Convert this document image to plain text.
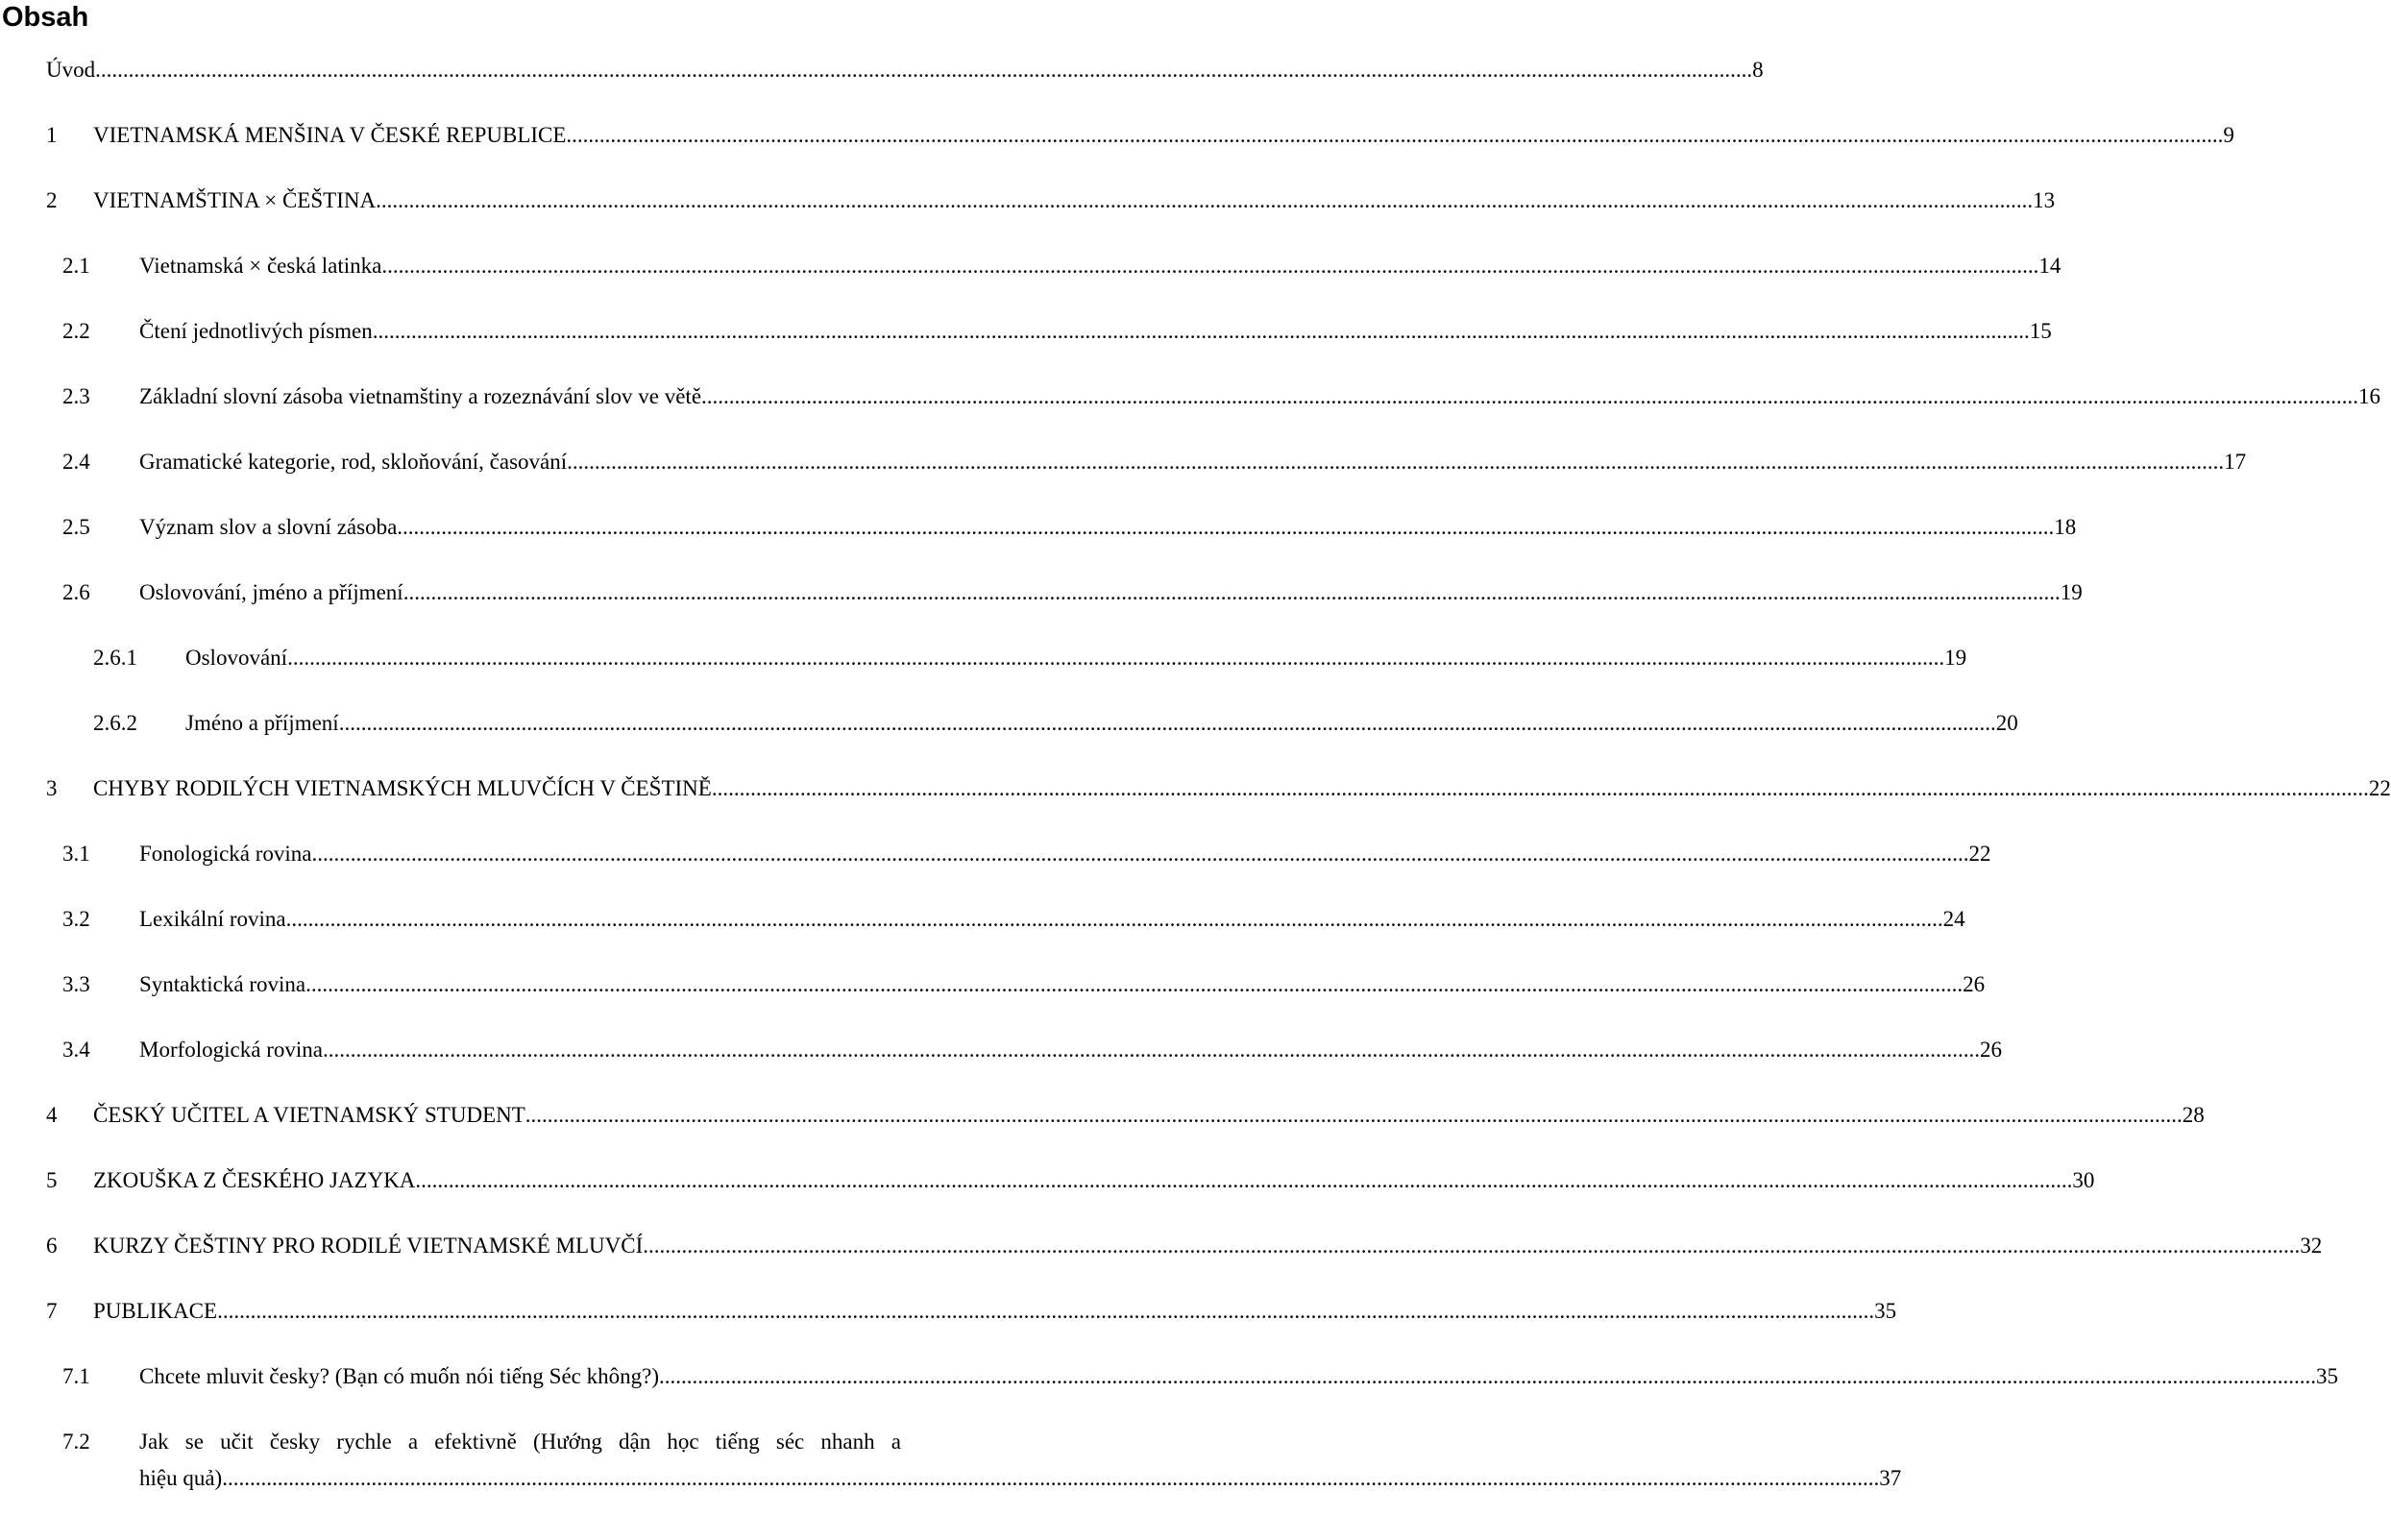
Obsah
Úvod ............................................................................................................................................................................................................................................................................................................ 8
1 VIETNAMSKÁ MENŠINA V ČESKÉ REPUBLICE ............................................................................................................................................................................................................................................................................................................ 9
2 VIETNAMŠTINA × ČEŠTINA ............................................................................................................................................................................................................................................................................................................ 13
2.1 Vietnamská × česká latinka ............................................................................................................................................................................................................................................................................................................ 14
2.2 Čtení jednotlivých písmen ............................................................................................................................................................................................................................................................................................................ 15
2.3 Základní slovní zásoba vietnamštiny a rozeznávání slov ve větě ............................................................................................................................................................................................................................................................................................................ 16
2.4 Gramatické kategorie, rod, skloňování, časování ............................................................................................................................................................................................................................................................................................................ 17
2.5 Význam slov a slovní zásoba ............................................................................................................................................................................................................................................................................................................ 18
2.6 Oslovování, jméno a příjmení ............................................................................................................................................................................................................................................................................................................ 19
2.6.1 Oslovování ............................................................................................................................................................................................................................................................................................................ 19
2.6.2 Jméno a příjmení ............................................................................................................................................................................................................................................................................................................ 20
3 CHYBY RODILÝCH VIETNAMSKÝCH MLUVČÍCH V ČEŠTINĚ ............................................................................................................................................................................................................................................................................................................ 22
3.1 Fonologická rovina ............................................................................................................................................................................................................................................................................................................ 22
3.2 Lexikální rovina ............................................................................................................................................................................................................................................................................................................ 24
3.3 Syntaktická rovina ............................................................................................................................................................................................................................................................................................................ 26
3.4 Morfologická rovina ............................................................................................................................................................................................................................................................................................................ 26
4 ČESKÝ UČITEL A VIETNAMSKÝ STUDENT ............................................................................................................................................................................................................................................................................................................ 28
5 ZKOUŠKA Z ČESKÉHO JAZYKA ............................................................................................................................................................................................................................................................................................................ 30
6 KURZY ČEŠTINY PRO RODILÉ VIETNAMSKÉ MLUVČÍ ............................................................................................................................................................................................................................................................................................................ 32
7 PUBLIKACE ............................................................................................................................................................................................................................................................................................................ 35
7.1 Chcete mluvit česky? (Bạn có muốn nói tiếng Séc không?) ............................................................................................................................................................................................................................................................................................................ 35
7.2 Jak se učit česky rychle a efektivně (Hướng dận học tiếng séc nhanh a
hiệu quả) ............................................................................................................................................................................................................................................................................................................ 37
